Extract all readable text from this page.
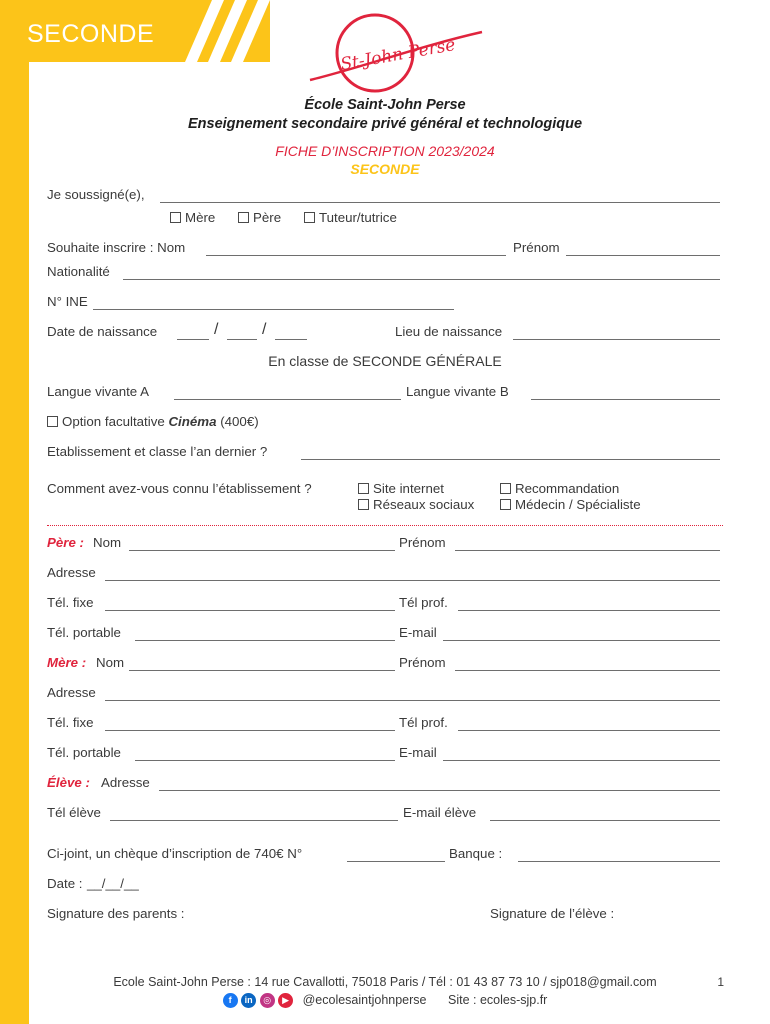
SECONDE
St-John Perse
École Saint-John Perse
Enseignement secondaire privé général et technologique
FICHE D’INSCRIPTION 2023/2024
SECONDE
Je soussigné(e),
Mère	Père	Tuteur/tutrice
Souhaite inscrire : Nom	Prénom
Nationalité
N° INE
Date de naissance	/	/	Lieu de naissance
En classe de SECONDE GÉNÉRALE
Langue vivante A	Langue vivante B
Option facultative Cinéma (400€)
Etablissement et classe l’an dernier ?
Comment avez-vous connu l’établissement ?	Site internet	Recommandation
Réseaux sociaux	Médecin / Spécialiste
Père : Nom	Prénom
Adresse
Tél. fixe	Tél prof.
Tél. portable	E-mail
Mère : Nom	Prénom
Adresse
Tél. fixe	Tél prof.
Tél. portable	E-mail
Élève : Adresse
Tél élève	E-mail élève
Ci-joint, un chèque d’inscription de 740€ N°	Banque :
Date : __/__/__
Signature des parents :	Signature de l’élève :
Ecole Saint-John Perse : 14 rue Cavallotti, 75018 Paris / Tél : 01 43 87 73 10 / sjp018@gmail.com	1
f in ◎ ▶ @ecolesaintjohnperse Site : ecoles-sjp.fr
